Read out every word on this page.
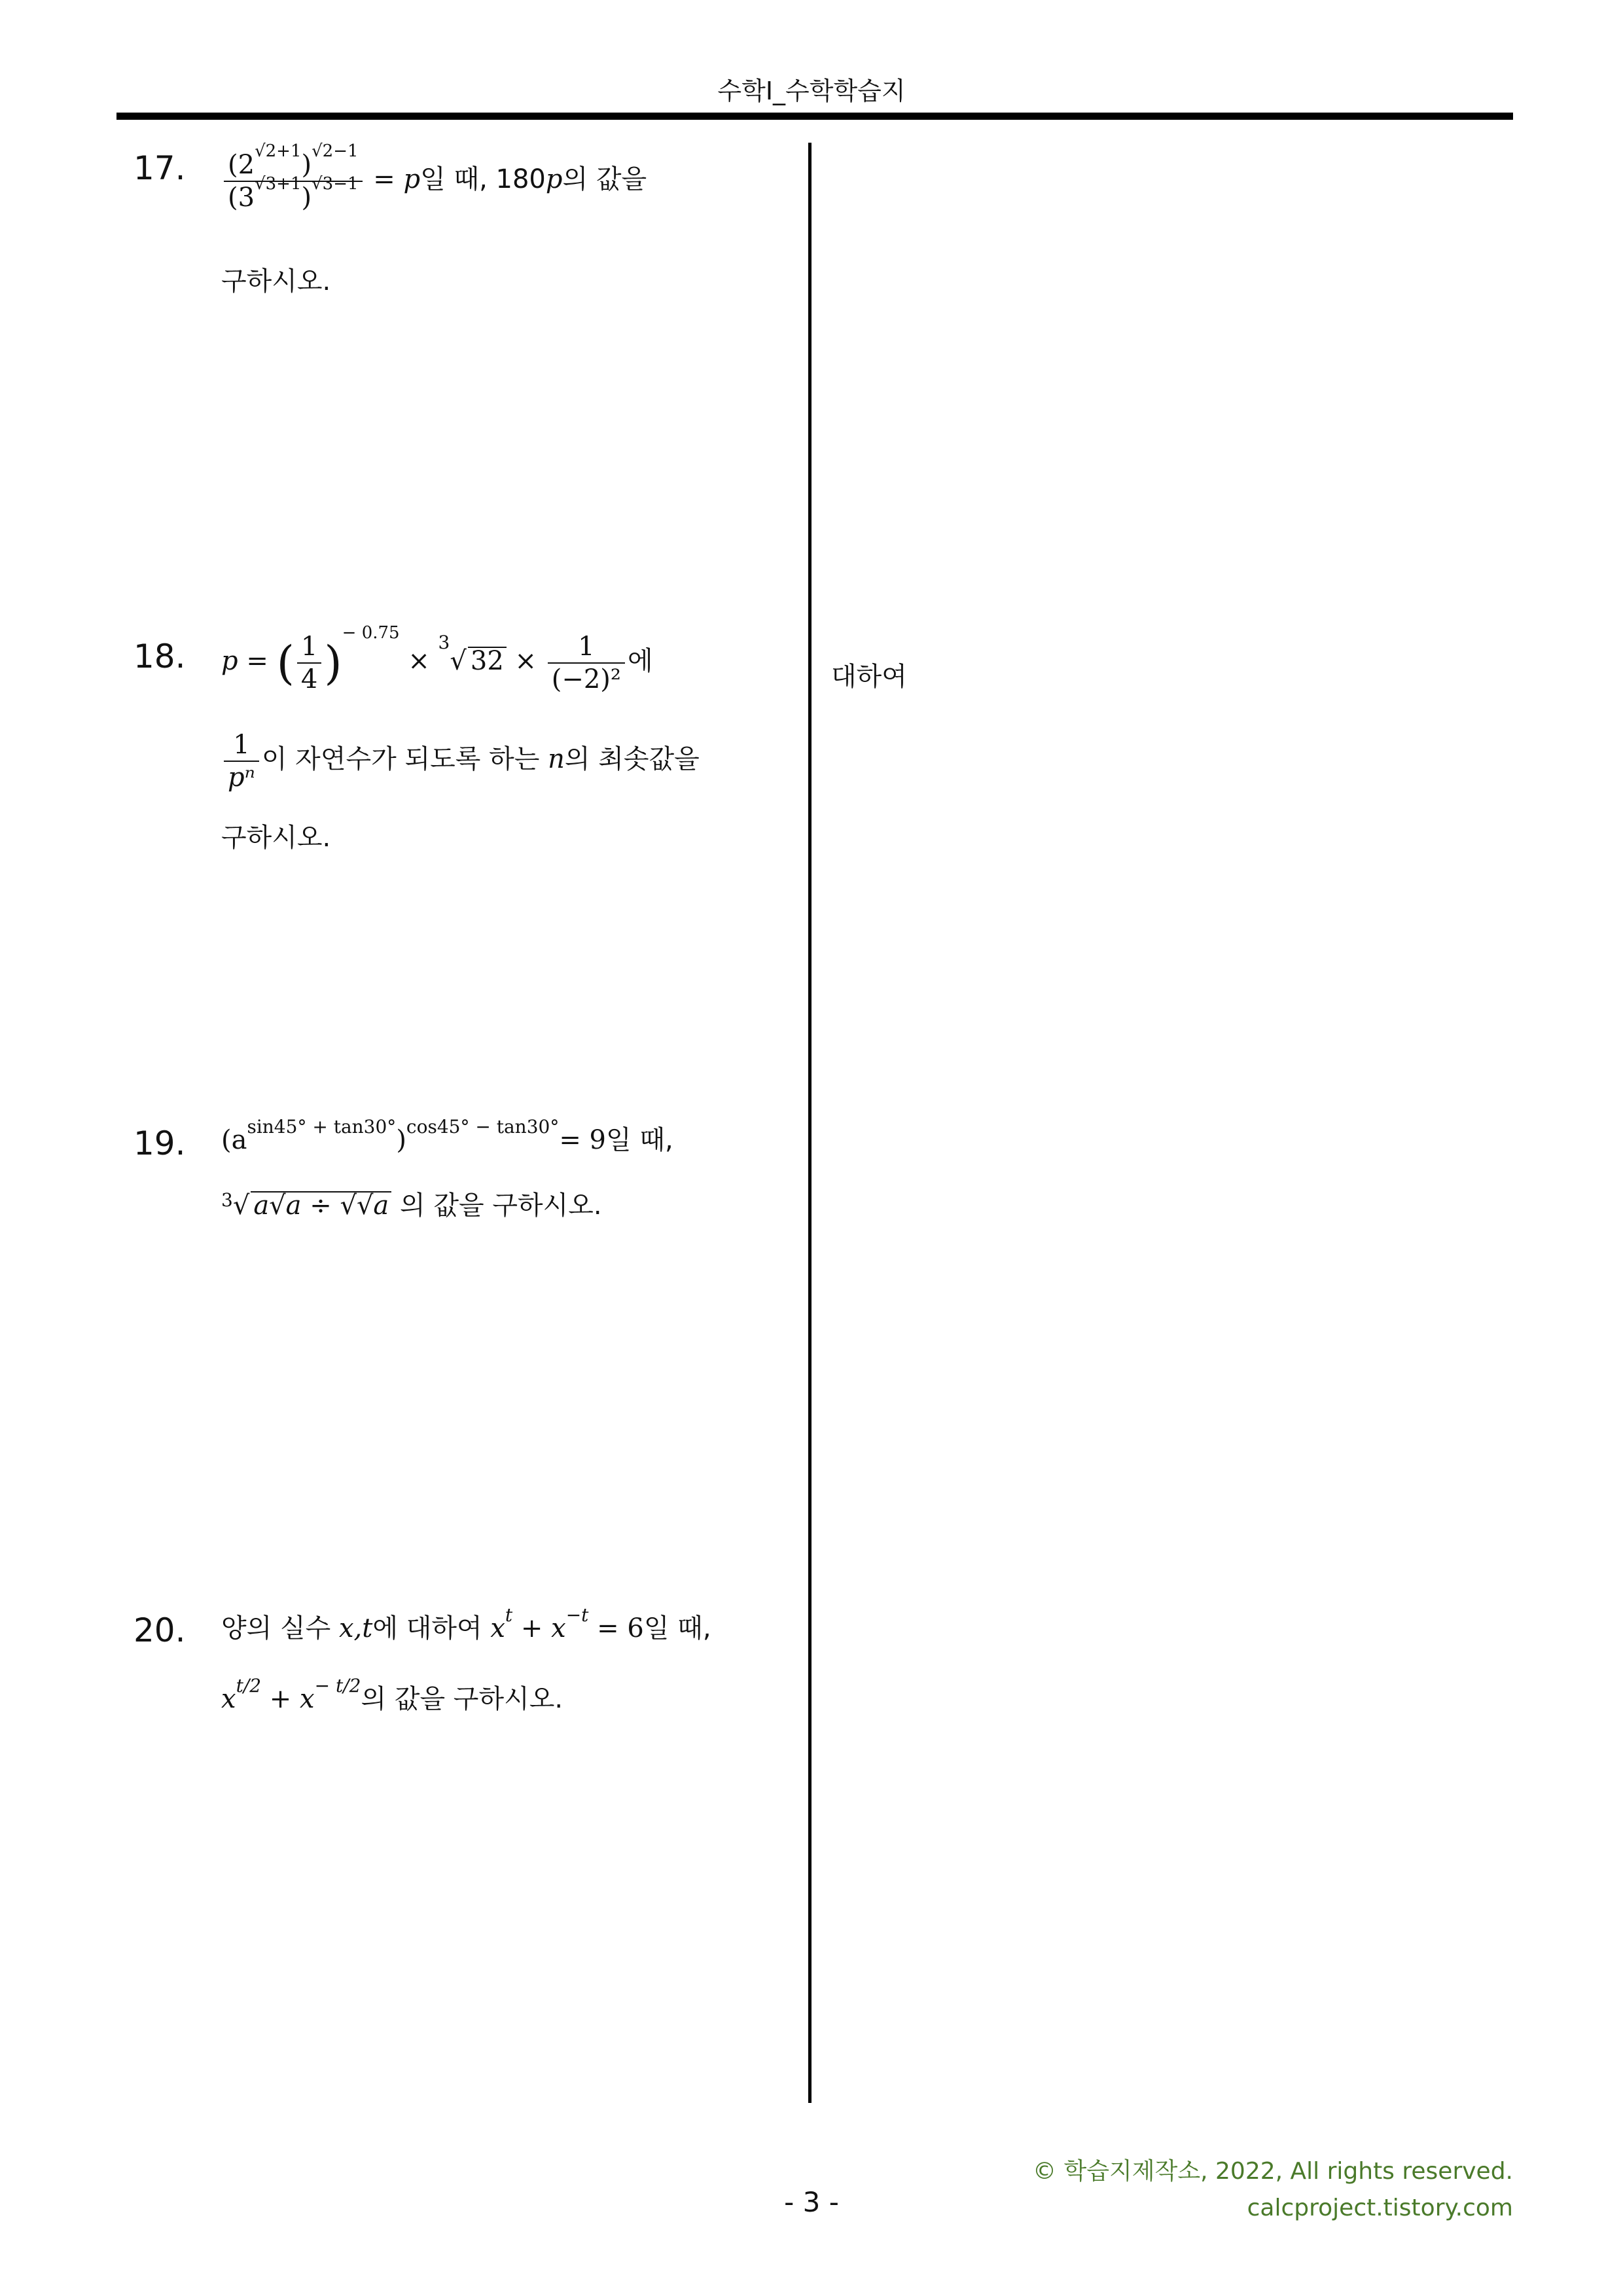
수학Ⅰ_수학학습지
17. $\frac{(2^{√2+1})^{√2-1}}{(3^{√3+1})^{√3-1}} = p$일 때, 180p의 값을
구하시오.
18. p = ( $\frac{1}{4} )^{- 0.75} \times ^3√$ $32 \times \frac{1}{\text{(−2)²}}$ 에
대하여
$\frac{1}{\text{pⁿ}}$ 이 자연수가 되도록 하는 n의 최솟값을
구하시오.
19. $(a^{sin45^\circ + tan30^\circ})^{cos45^\circ - tan30^\circ}= 9$일 때,
$^3$√ a√a ÷ √√a 의 값을 구하시오.
20. 양의 실수 x,t에 대하여 $x^t + x^{-t} = 6$일 때,
$x^{t/2} + x^{- t/2}$의 값을 구하시오.
© 학습지제작소, 2022, All rights reserved.
calcproject.tistory.com
- 3 -
